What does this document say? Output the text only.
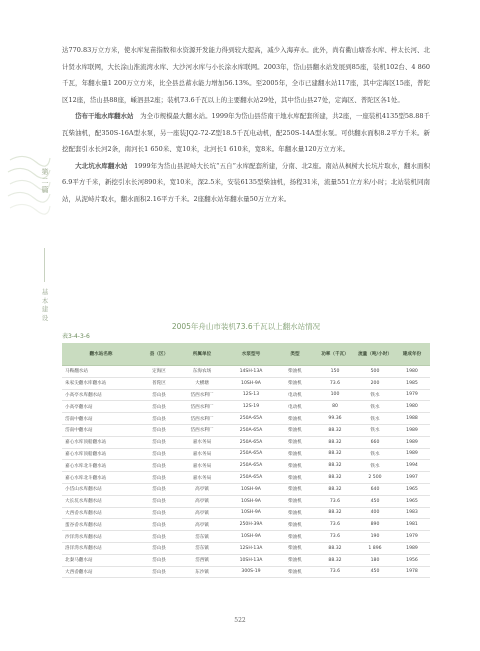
第二篇
基本建设

达770.83万立方米，使水库复苗指数和水资源开发能力得到较大提高，减少入海弃水。此外，尚有衢山塘岙水库、梓太长河、北计贤水库联网，大长涂山淮流湾水库、大沙河水库与小长涂水库联网。2003年，岱山县翻水站发展到85座，装机102台、4 860千瓦，年翻水量1 200万立方米，比全县总蓄水能力增加56.13%。至2005年，全市已建翻水站117座，其中定海区15座，普陀区12座，岱山县88座，嵊泗县2座；装机73.6千瓦以上的主要翻水站29处，其中岱山县27处，定海区、普陀区各1处。

　　岱布干地水库翻水站　 为全市规模最大翻水站。1999年为岱山县岱南干地水库配套所建，共2座，一座装机4135型58.88千瓦柴油机，配350S-16A型水泵，另一座装JQ2-72-Z型18.5千瓦电动机，配250S-14A型水泵。可供翻水面积8.2平方千米。新挖配套引水长河2条，南河长1 650米、宽10米，北河长1 610米，宽8米。年翻水量120万立方米。

　　大北坑水库翻水站　 1999年为岱山县泥峙大长坑“五自”水库配套所建，分南、北2座。南站从枫树大长坑片取水，翻水面积6.9平方千米，新挖引水长河890米，宽10米，深2.5米，安装6135型柴油机，扬程31米，流量551立方米/小时；北站装机同南站，从泥峙片取水，翻水面积2.16平方千米。2座翻水站年翻水量50万立方米。

2005年舟山市装机73.6千瓦以上翻水站情况
表3-4-3-6
翻水站名称	县（区）	所属单位	水泵型号	类型	功率（千瓦）	流量（吨/小时）	建成年份
马鞍翻水站	定海区	东海农场	14SH-13A	柴油机	150	500	1980
朱家尖翻水库翻水站	普陀区	大横塘	10SH-9A	柴油机	73.6	200	1985
小高亭水库翻水站	岱山县	岱西水利厂	12S-13	电动机	100	铁水	1979
小高亭翻水站	岱山县	岱西水利厂	12S-19	电动机	80	铁水	1980
岱南中翻水站	岱山县	岱西水利厂	250A-65A	柴油机	99.36	铁水	1988
岱南中翻水站	岱山县	岱西水利厂	250A-65A	柴油机	88.32	铁水	1989
嘉心水库顶船翻水站	岱山县	嘉水务局	250A-65A	柴油机	88.32	660	1989
嘉心水库顶船翻水站	岱山县	嘉水务局	250A-65A	柴油机	88.32	铁水	1989
嘉心水库北斗翻水站	岱山县	嘉水务局	250A-65A	柴油机	88.32	铁水	1994
嘉心水库北斗翻水站	岱山县	嘉水务局	250A-65A	柴油机	88.32	2 500	1997
小岱山水库翻水站	岱山县	高亭镇	10SH-9A	柴油机	88.32	640	1965
大长坑水库翻水站	岱山县	高亭镇	10SH-9A	柴油机	73.6	450	1965
大西岙水库翻水站	岱山县	高亭镇	10SH-9A	柴油机	88.32	400	1983
蛋谷岙水库翻水站	岱山县	高亭镇	250H-39A	柴油机	73.6	890	1981
沙洋湾水库翻水站	岱山县	岱东镇	10SH-9A	柴油机	73.6	190	1979
洛洋湾水库翻水站	岱山县	岱东镇	12SH-13A	柴油机	88.32	1 896	1989
北秦马翻水站	岱山县	岱西镇	10SH-13A	柴油机	88.32	180	1956
大西岙翻水站	岱山县	东沙镇	300S-19	柴油机	73.6	450	1978
522
